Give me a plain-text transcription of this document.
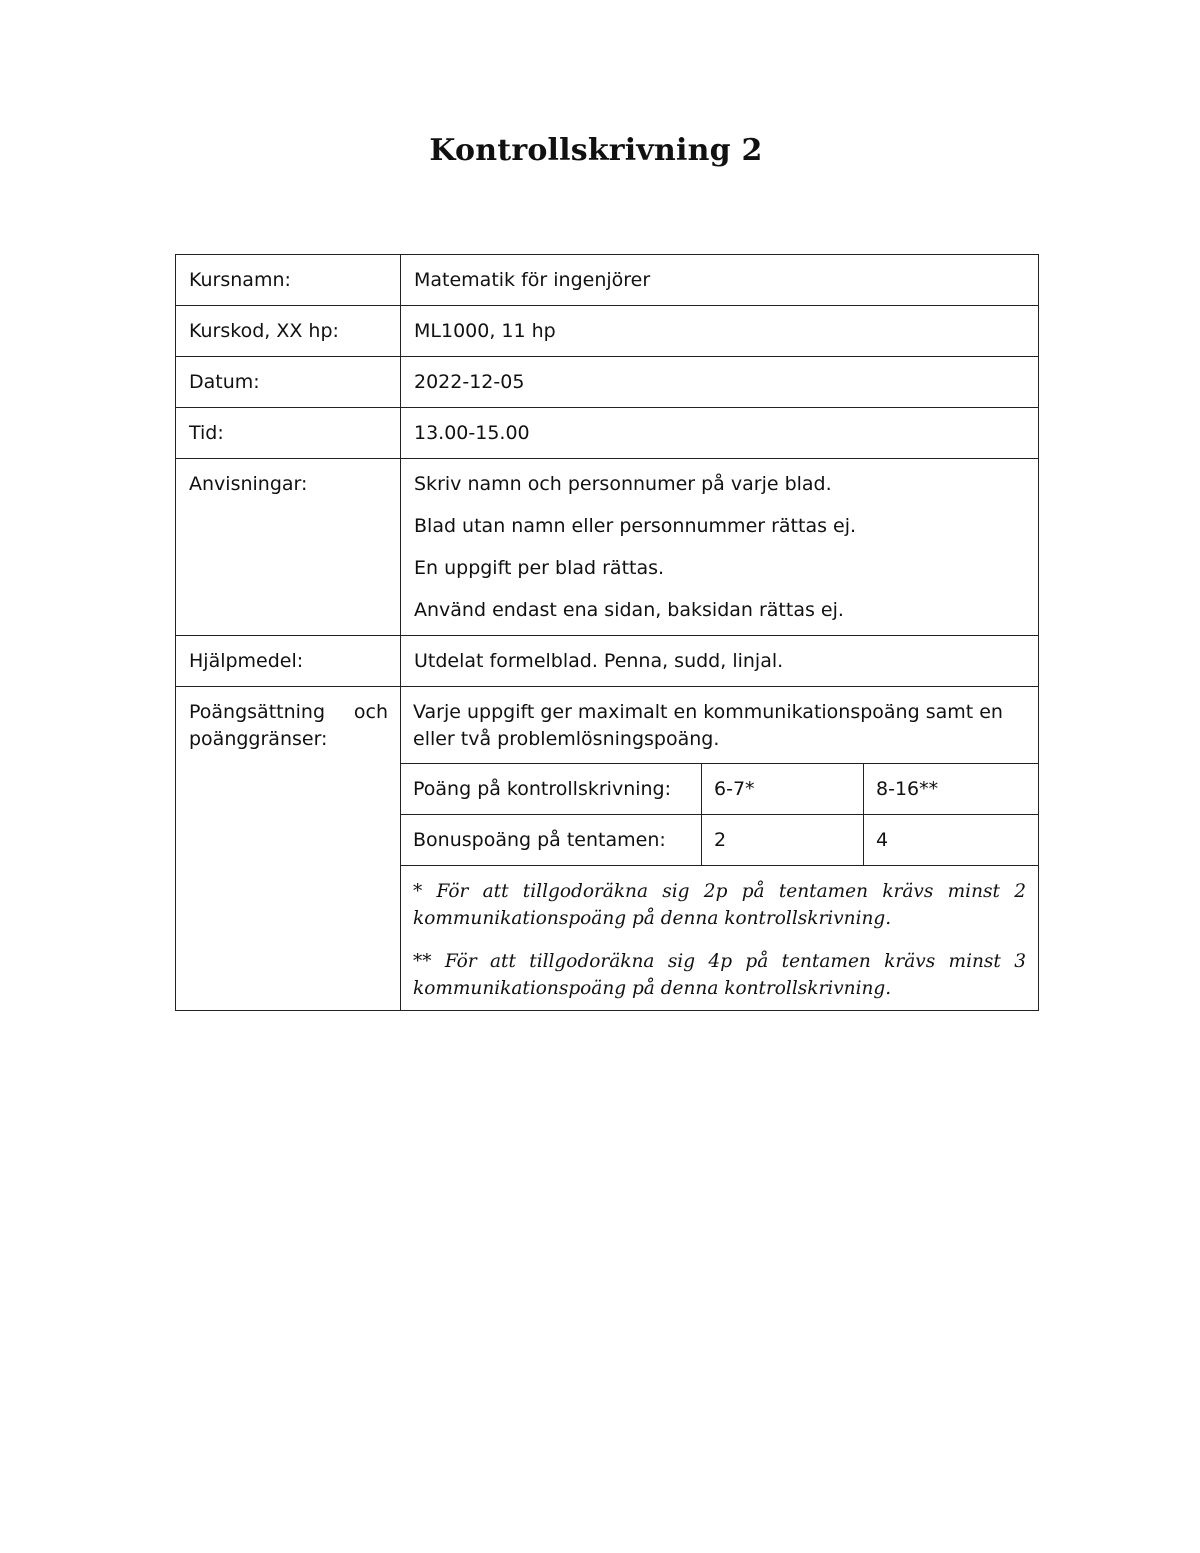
Kontrollskrivning 2
Kursnamn:	Matematik för ingenjörer
Kurskod, XX hp:	ML1000, 11 hp
Datum:	2022-12-05
Tid:	13.00-15.00
Anvisningar:	Skriv namn och personnumer på varje blad.
Blad utan namn eller personnummer rättas ej.
En uppgift per blad rättas.
Använd endast ena sidan, baksidan rättas ej.

Hjälpmedel:	Utdelat formelblad. Penna, sudd, linjal.

Poängsättning och poänggränser:

Varje uppgift ger maximalt en kommunikationspoäng samt en eller två problemlösningspoäng.
Poäng på kontrollskrivning:	6-7*	8-16**
Bonuspoäng på tentamen:	2	4
* För att tillgodoräkna sig 2p på tentamen krävs minst 2 kommunikationspoäng på denna kontrollskrivning.
** För att tillgodoräkna sig 4p på tentamen krävs minst 3 kommunikationspoäng på denna kontrollskrivning.
